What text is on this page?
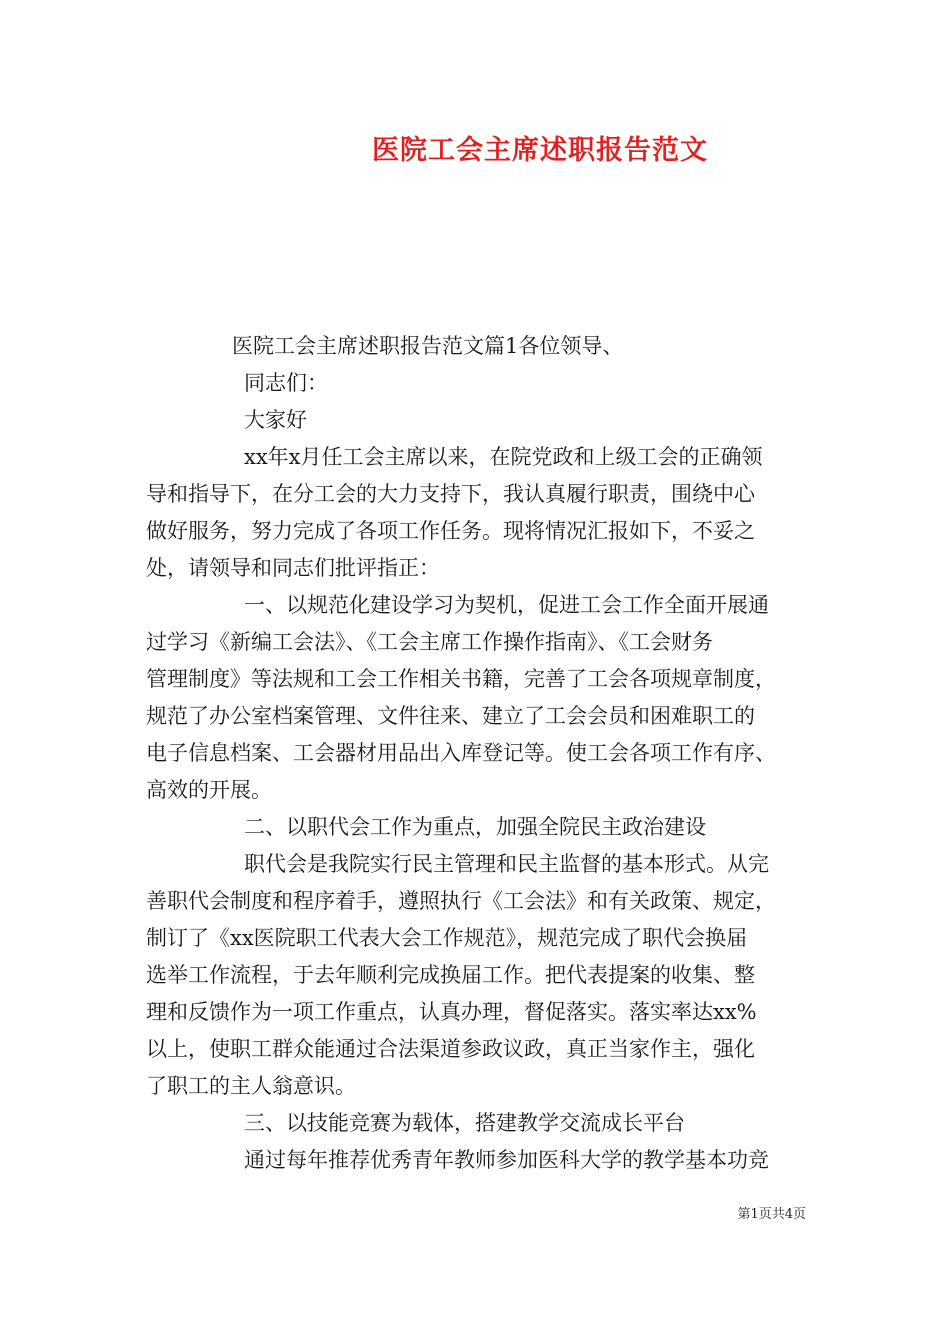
医院工会主席述职报告范文

医院工会主席述职报告范文篇1各位领导、

同志们：

大家好

xx年x月任工会主席以来，在院党政和上级工会的正确领

导和指导下，在分工会的大力支持下，我认真履行职责，围绕中心

做好服务，努力完成了各项工作任务。现将情况汇报如下，不妥之

处，请领导和同志们批评指正：

一、以规范化建设学习为契机，促进工会工作全面开展通

过学习《新编工会法》、《工会主席工作操作指南》、《工会财务

管理制度》等法规和工会工作相关书籍，完善了工会各项规章制度，

规范了办公室档案管理、文件往来、建立了工会会员和困难职工的

电子信息档案、工会器材用品出入库登记等。使工会各项工作有序、

高效的开展。

二、以职代会工作为重点，加强全院民主政治建设

职代会是我院实行民主管理和民主监督的基本形式。从完

善职代会制度和程序着手，遵照执行《工会法》和有关政策、规定，

制订了《xx医院职工代表大会工作规范》，规范完成了职代会换届

选举工作流程，于去年顺利完成换届工作。把代表提案的收集、整

理和反馈作为一项工作重点，认真办理，督促落实。落实率达xx%

以上，使职工群众能通过合法渠道参政议政，真正当家作主，强化

了职工的主人翁意识。

三、以技能竞赛为载体，搭建教学交流成长平台

通过每年推荐优秀青年教师参加医科大学的教学基本功竞

第1页共4页
